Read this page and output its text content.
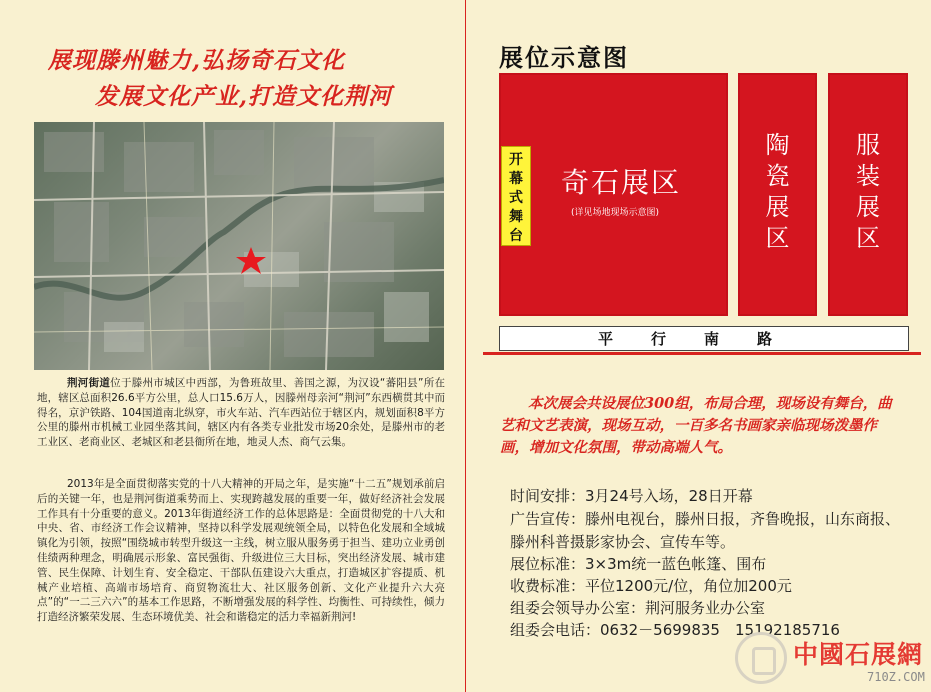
展现滕州魅力,弘扬奇石文化
发展文化产业,打造文化荆河

荆河街道位于滕州市城区中西部，为鲁班故里、善国之源，为汉设“蕃阳县”所在地，辖区总面积26.6平方公里，总人口15.6万人，因滕州母亲河“荆河”东西横贯其中而得名，京沪铁路、104国道南北纵穿，市火车站、汽车西站位于辖区内，规划面积8平方公里的滕州市机械工业园坐落其间，辖区内有各类专业批发市场20余处，是滕州市的老工业区、老商业区、老城区和老县衙所在地，地灵人杰、商气云集。

2013年是全面贯彻落实党的十八大精神的开局之年，是实施“十二五”规划承前启后的关键一年，也是荆河街道乘势而上、实现跨越发展的重要一年，做好经济社会发展工作具有十分重要的意义。2013年街道经济工作的总体思路是：全面贯彻党的十八大和中央、省、市经济工作会议精神，坚持以科学发展观统领全局，以特色化发展和全域城镇化为引领，按照“围绕城市转型升级这一主线，树立服从服务勇于担当、建功立业勇创佳绩两种理念，明确展示形象、富民强街、升级进位三大目标，突出经济发展、城市建管、民生保障、计划生育、安全稳定、干部队伍建设六大重点，打造城区扩容提质、机械产业培植、高端市场培育、商贸物流壮大、社区服务创新、文化产业提升六大亮点”的“一二三六六”的基本工作思路，不断增强发展的科学性、均衡性、可持续性，倾力打造经济繁荣发展、生态环境优美、社会和谐稳定的活力幸福新荆河!

展位示意图
奇石展区
(详见场地现场示意图)
开幕式舞台
陶瓷展区
服装展区
平行南路

本次展会共设展位300组，布局合理，现场设有舞台，曲艺和文艺表演，现场互动，一百多名书画家亲临现场泼墨作画，增加文化氛围，带动高端人气。

时间安排：3月24号入场，28日开幕
广告宣传：滕州电视台，滕州日报，齐鲁晚报，山东商报、
滕州科普摄影家协会、宣传车等。
展位标准：3×3m统一蓝色帐篷、围布
收费标准：平位1200元/位，角位加200元
组委会领导办公室：荆河服务业办公室
组委会电话：0632－5699835　15192185716
中國石展網
710Z.COM
